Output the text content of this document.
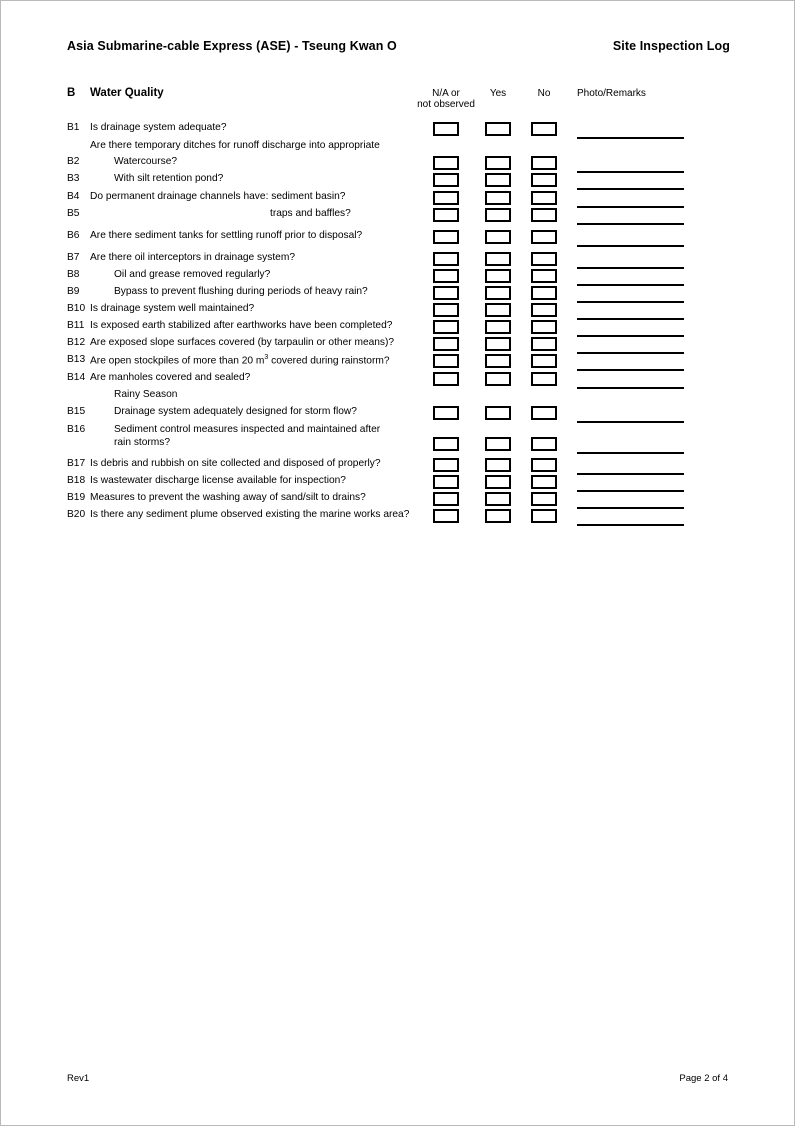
Asia Submarine-cable Express (ASE) - Tseung Kwan O	Site Inspection Log
B Water Quality	N/A or
not observed
Yes	No	Photo/Remarks
B1 Is drainage system adequate?
Are there temporary ditches for runoff discharge into appropriate
B2	Watercourse?
B3	With silt retention pond?
B4 Do permanent drainage channels have: sediment basin?
B5	traps and baffles?
B6 Are there sediment tanks for settling runoff prior to disposal?
B7 Are there oil interceptors in drainage system?
B8	Oil and grease removed regularly?
B9	Bypass to prevent flushing during periods of heavy rain?
B10 Is drainage system well maintained?
B11 Is exposed earth stabilized after earthworks have been completed?
B12 Are exposed slope surfaces covered (by tarpaulin or other means)?
B13 Are open stockpiles of more than 20 $m^3$ covered during rainstorm?
B14 Are manholes covered and sealed?
Rainy Season
B15	Drainage system adequately designed for storm flow?
B16	Sediment control measures inspected and maintained after
rain storms?
B17 Is debris and rubbish on site collected and disposed of properly?
B18 Is wastewater discharge license available for inspection?
B19 Measures to prevent the washing away of sand/silt to drains?
B20 Is there any sediment plume observed existing the marine works area?
Rev1	Page 2 of 4
